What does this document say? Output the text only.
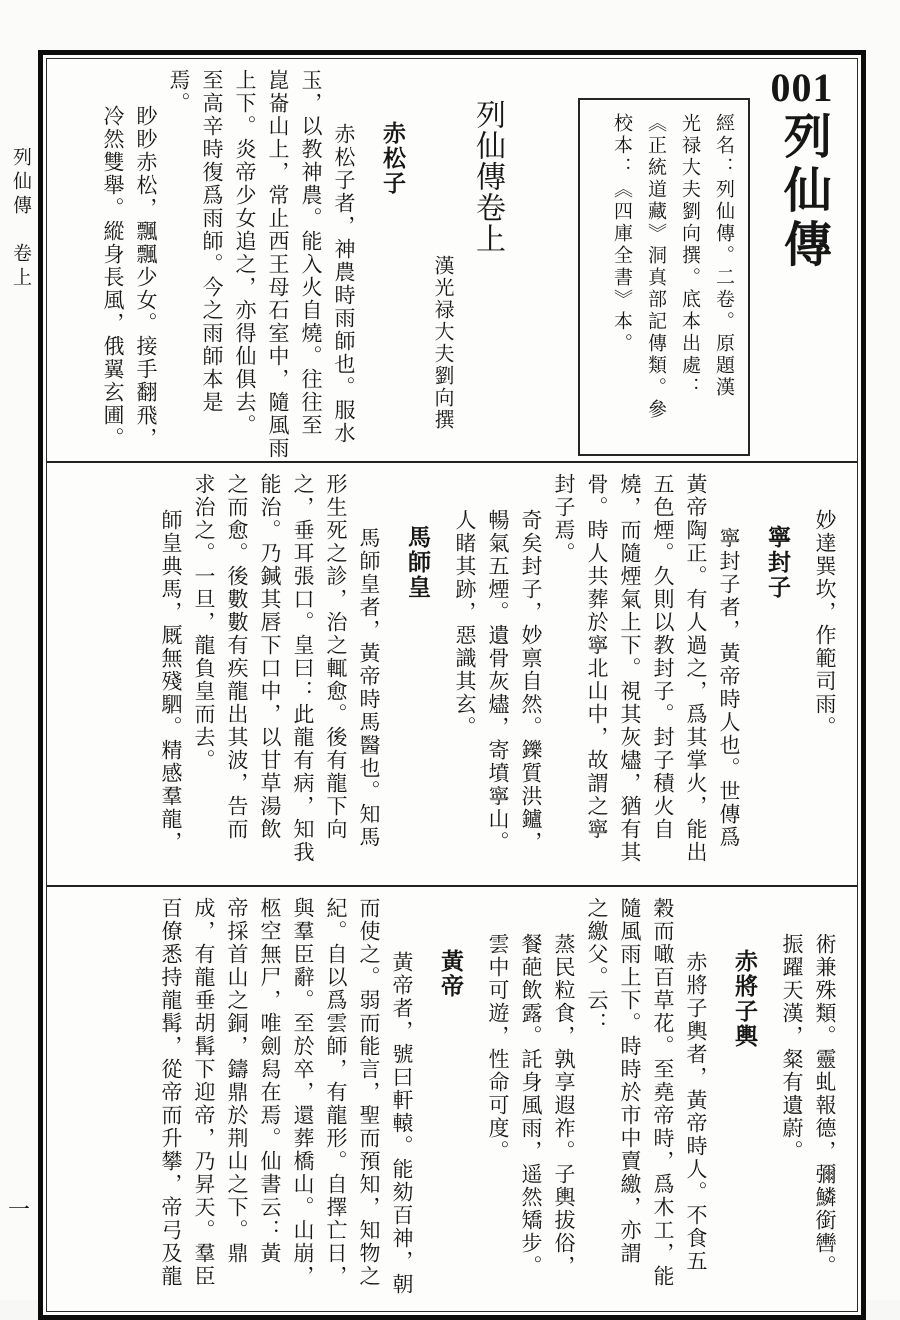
列仙傳　卷上
一
001
列仙傳
經名：列仙傳。二卷。原題漢
光禄大夫劉向撰。底本出處：
《正統道藏》洞真部記傳類。參
校本：《四庫全書》本。
列仙傳卷上
漢光禄大夫劉向撰
赤松子
赤松子者，神農時雨師也。服水
玉，以教神農。能入火自燒。往往至
崑崙山上，常止西王母石室中，隨風雨
上下。炎帝少女追之，亦得仙俱去。
至高辛時復爲雨師。今之雨師本是
焉。
眇眇赤松，飄飄少女。接手翻飛，
冷然雙舉。縱身長風，俄翼玄圃。
妙達巽坎，作範司雨。
寧封子
寧封子者，黃帝時人也。世傳爲
黃帝陶正。有人過之，爲其掌火，能出
五色煙。久則以教封子。封子積火自
燒，而隨煙氣上下。視其灰燼，猶有其
骨。時人共葬於寧北山中，故謂之寧
封子焉。
奇矣封子，妙禀自然。鑠質洪鑪，
暢氣五煙。遺骨灰燼，寄墳寧山。
人睹其跡，惡識其玄。
馬師皇
馬師皇者，黃帝時馬醫也。知馬
形生死之診，治之輒愈。後有龍下向
之，垂耳張口。皇曰：此龍有病，知我
能治。乃鍼其唇下口中，以甘草湯飲
之而愈。後數數有疾龍出其波，告而
求治之。一旦，龍負皇而去。
師皇典馬，厩無殘駟。精感羣龍，
術兼殊類。靈虬報德，彌鱗銜轡。
振躍天漢，粲有遺蔚。
赤將子輿
赤將子輿者，黃帝時人。不食五
穀而噉百草花。至堯帝時，爲木工，能
隨風雨上下。時時於市中賣繳，亦謂
之繳父。云：
蒸民粒食，孰享遐祚。子輿拔俗，
餐葩飲露。託身風雨，遥然矯步。
雲中可遊，性命可度。
黃帝
黃帝者，號曰軒轅。能劾百神，朝
而使之。弱而能言，聖而預知，知物之
紀。自以爲雲師，有龍形。自擇亡日，
與羣臣辭。至於卒，還葬橋山。山崩，
柩空無尸，唯劍舄在焉。仙書云：黃
帝採首山之銅，鑄鼎於荆山之下。鼎
成，有龍垂胡髯下迎帝，乃昇天。羣臣
百僚悉持龍髯，從帝而升攀，帝弓及龍
